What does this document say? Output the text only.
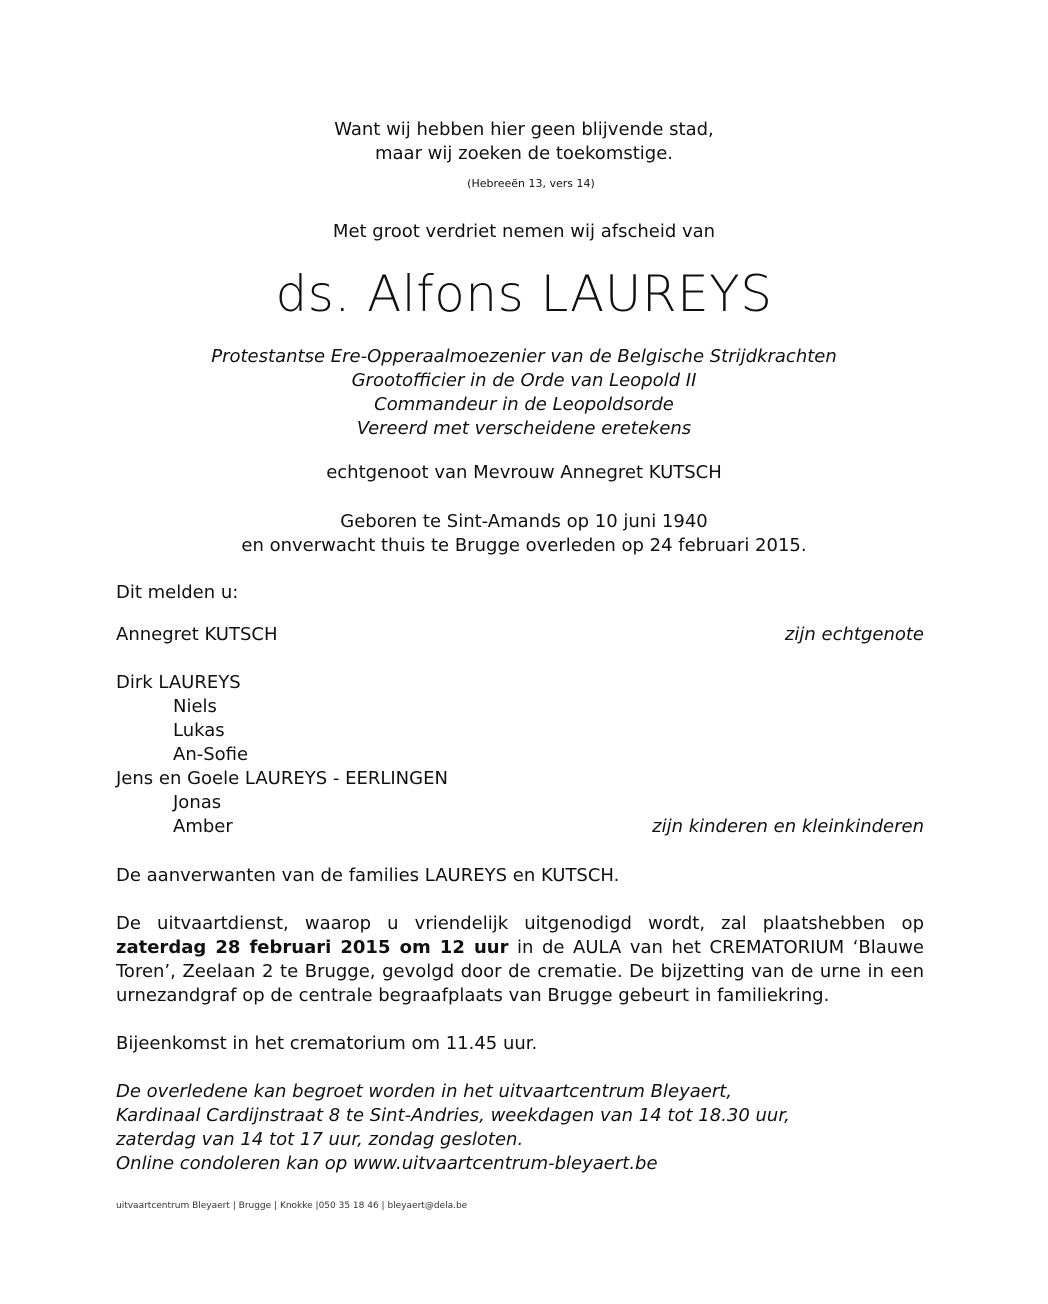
Want wij hebben hier geen blijvende stad,
maar wij zoeken de toekomstige.
(Hebreeën 13, vers 14)
Met groot verdriet nemen wij afscheid van
ds. Alfons LAUREYS
Protestantse Ere-Opperaalmoezenier van de Belgische Strijdkrachten
Grootofficier in de Orde van Leopold II
Commandeur in de Leopoldsorde
Vereerd met verscheidene eretekens
echtgenoot van Mevrouw Annegret KUTSCH
Geboren te Sint-Amands op 10 juni 1940
en onverwacht thuis te Brugge overleden op 24 februari 2015.
Dit melden u:
Annegret KUTSCH	zijn echtgenote
Dirk LAUREYS
Niels
Lukas
An-Sofie
Jens en Goele LAUREYS - EERLINGEN
Jonas
Amber	zijn kinderen en kleinkinderen
De aanverwanten van de families LAUREYS en KUTSCH.
De uitvaartdienst, waarop u vriendelijk uitgenodigd wordt, zal plaatshebben op zaterdag 28 februari 2015 om 12 uur in de AULA van het CREMATORIUM ‘Blauwe Toren’, Zeelaan 2 te Brugge, gevolgd door de crematie. De bijzetting van de urne in een urnezandgraf op de centrale begraafplaats van Brugge gebeurt in familiekring.
Bijeenkomst in het crematorium om 11.45 uur.
De overledene kan begroet worden in het uitvaartcentrum Bleyaert,
Kardinaal Cardijnstraat 8 te Sint-Andries, weekdagen van 14 tot 18.30 uur,
zaterdag van 14 tot 17 uur, zondag gesloten.
Online condoleren kan op www.uitvaartcentrum-bleyaert.be
uitvaartcentrum Bleyaert | Brugge | Knokke |050 35 18 46 | bleyaert@dela.be
